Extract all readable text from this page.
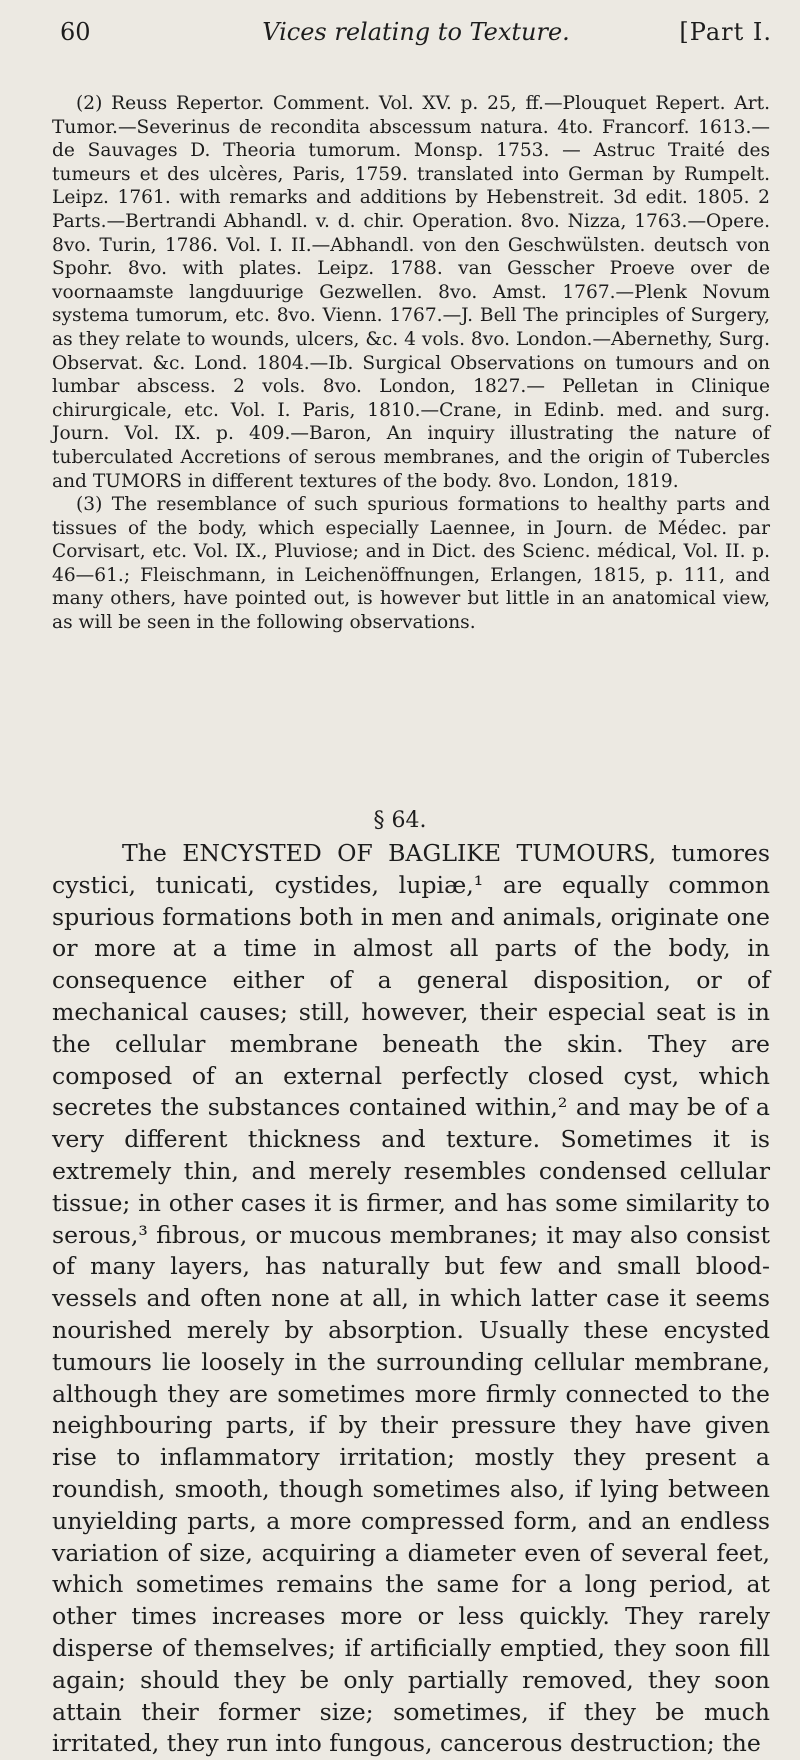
60	Vices relating to Texture.	[Part I.

(2) Reuss Repertor. Comment. Vol. XV. p. 25, ff.—Plouquet Repert. Art. Tumor.—Severinus de recondita abscessum natura. 4to. Francorf. 1613.—de Sauvages D. Theoria tumorum. Monsp. 1753. — Astruc Traité des tumeurs et des ulcères, Paris, 1759. translated into German by Rumpelt. Leipz. 1761. with remarks and additions by Hebenstreit. 3d edit. 1805. 2 Parts.—Bertrandi Abhandl. v. d. chir. Operation. 8vo. Nizza, 1763.—Opere. 8vo. Turin, 1786. Vol. I. II.—Abhandl. von den Geschwülsten. deutsch von Spohr. 8vo. with plates. Leipz. 1788. van Gesscher Proeve over de voornaamste langduurige Gezwellen. 8vo. Amst. 1767.—Plenk Novum systema tumorum, etc. 8vo. Vienn. 1767.—J. Bell The principles of Surgery, as they relate to wounds, ulcers, &c. 4 vols. 8vo. London.—Abernethy, Surg. Observat. &c. Lond. 1804.—Ib. Surgical Observations on tumours and on lumbar abscess. 2 vols. 8vo. London, 1827.— Pelletan in Clinique chirurgicale, etc. Vol. I. Paris, 1810.—Crane, in Edinb. med. and surg. Journ. Vol. IX. p. 409.—Baron, An inquiry illustrating the nature of tuberculated Accretions of serous membranes, and the origin of Tubercles and TUMORS in different textures of the body. 8vo. London, 1819.

(3) The resemblance of such spurious formations to healthy parts and tissues of the body, which especially Laennee, in Journ. de Médec. par Corvisart, etc. Vol. IX., Pluviose; and in Dict. des Scienc. médical, Vol. II. p. 46—61.; Fleischmann, in Leichenöffnungen, Erlangen, 1815, p. 111, and many others, have pointed out, is however but little in an anatomical view, as will be seen in the following observations.

§ 64.

The ENCYSTED OF BAGLIKE TUMOURS, tumores cystici, tunicati, cystides, lupiæ,¹ are equally common spurious formations both in men and animals, originate one or more at a time in almost all parts of the body, in consequence either of a general disposition, or of mechanical causes; still, however, their especial seat is in the cellular membrane beneath the skin. They are composed of an external perfectly closed cyst, which secretes the substances contained within,² and may be of a very different thickness and texture. Sometimes it is extremely thin, and merely resembles condensed cellular tissue; in other cases it is firmer, and has some similarity to serous,³ fibrous, or mucous membranes; it may also consist of many layers, has naturally but few and small blood-vessels and often none at all, in which latter case it seems nourished merely by absorption. Usually these encysted tumours lie loosely in the surrounding cellular membrane, although they are sometimes more firmly connected to the neighbouring parts, if by their pressure they have given rise to inflammatory irritation; mostly they present a roundish, smooth, though sometimes also, if lying between unyielding parts, a more compressed form, and an endless variation of size, acquiring a diameter even of several feet, which sometimes remains the same for a long period, at other times increases more or less quickly. They rarely disperse of themselves; if artificially emptied, they soon fill again; should they be only partially removed, they soon attain their former size; sometimes, if they be much irritated, they run into fungous, cancerous destruction; the
